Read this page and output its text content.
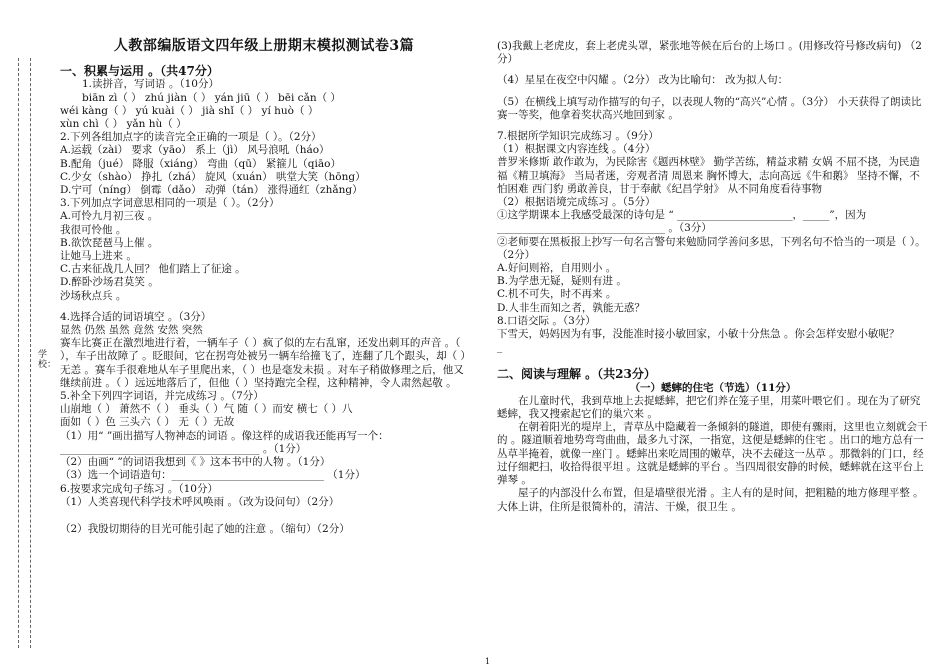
学校：
人教部编版语文四年级上册期末模拟测试卷3篇
一、积累与运用 。（共47分）
1.读拼音，写词语 。（10分）
biān zì（ ） zhú jiàn（ ） yán jiū（ ） bēi cǎn（ ）
wéi kàng（ ） yú kuài（ ） jià shǐ（ ） yí huò（ ）
xùn chì（ ） yǎn hù（ ）
2.下列各组加点字的读音完全正确的一项是（ ）。（2分）
A.运载（zài） 要求（yāo） 系上（jì） 风号浪吼（háo）
B.配角（jué） 降服（xiáng） 弯曲（qū） 紧箍儿（qiāo）
C.少女（shào） 挣扎（zhá） 旋风（xuán） 哄堂大笑（hōng）
D.宁可（níng） 倒霉（dǎo） 动弹（tán） 涨得通红（zhǎng）
3.下列加点字词意思相同的一项是（ ）。（2分）
A.可怜九月初三夜 。
我很可怜他 。
B.欲饮琵琶马上催 。
让她马上进来 。
C.古来征战几人回？ 他们踏上了征途 。
D.醉卧沙场君莫笑 。
沙场秋点兵 。
4.选择合适的词语填空 。（3分）
显然 仍然 虽然 竟然 安然 突然
赛车比赛正在激烈地进行着，一辆车子（ ）疯了似的左右乱窜，还发出刺耳的声音 。（ ），车子出故障了 。眨眼间，它在拐弯处被另一辆车给撞飞了，连翻了几个跟头，却（ ）无恙 。赛车手很难地从车子里爬出来，（ ）也是毫发未损 。对车子稍做修理之后，他又继续前进 。（ ）远远地落后了，但他（ ）坚持跑完全程，这种精神，令人肃然起敬 。
5.补全下列四字词语，并完成练习 。（7分）
山崩地（ ） 萧然不（ ） 垂头（ ）气 随（ ）而安 横七（ ）八
面如（ ）色 三头六（ ） 无（ ）无故
（1）用“ ”画出描写人物神态的词语 。像这样的成语我还能再写一个：______________________________________ 。（1分）
（2）由画“ ”的词语我想到《 》这本书中的人物 。（1分）
（3）选一个词语造句：_____________________________ （1分）
6.按要求完成句子练习 。（10分）
（1）人类喜现代科学技术呼风唤雨 。（改为设问句）（2分）
（2）我殷切期待的目光可能引起了她的注意 。（缩句）（2分）
(3)我戴上老虎皮，套上老虎头罩，紧张地等候在后台的上场口 。(用修改符号修改病句) （2分）
（4）星星在夜空中闪耀 。（2分） 改为比喻句： 改为拟人句：
（5）在横线上填写动作描写的句子，以表现人物的“高兴”心情 。（3分） 小天获得了朗读比赛一等奖，他拿着奖状高兴地回到家 。
7.根据所学知识完成练习 。（9分）
（1）根据课文内容连线 。（4分）
普罗米修斯 敢作敢为，为民除害《题西林壁》 勤学苦练，精益求精 女娲 不屈不挠，为民造福《精卫填海》 当局者迷，旁观者清 周恩来 胸怀博大，志向高远《牛和鹅》 坚持不懈，不怕困难 西门豹 勇敢善良，甘于奉献《纪昌学射》 从不同角度看待事物
（2）根据语境完成练习 。（5分）
①这学期课本上我感受最深的诗句是 “ ______________________，_____”，因为 ________________________________ 。（3分）
②老师要在黑板报上抄写一句名言警句来勉励同学善问多思，下列名句不恰当的一项是（ ）。（2分）
A.好问则裕，自用则小 。
B.为学患无疑，疑则有进 。
C.机不可失，时不再来 。
D.人非生而知之者，孰能无惑？
8.口语交际 。（3分）
下雪天，妈妈因为有事，没能准时接小敏回家，小敏十分焦急 。你会怎样安慰小敏呢？
_
二、阅读与理解 。（共23分）
（一）蟋蟀的住宅（节选）（11分）
在儿童时代，我到草地上去捉蟋蟀，把它们养在笼子里，用菜叶喂它们 。现在为了研究蟋蟀，我又搜索起它们的巢穴来 。
在朝着阳光的堤岸上，青草丛中隐藏着一条倾斜的隧道，即使有骤雨，这里也立刻就会干的 。隧道顺着地势弯弯曲曲，最多九寸深，一指宽，这便是蟋蟀的住宅 。出口的地方总有一丛草半掩着，就像一座门 。蟋蟀出来吃周围的嫩草，决不去碰这一丛草 。那微斜的门口，经过仔细耙扫，收拾得很平坦 。这就是蟋蟀的平台 。当四周很安静的时候，蟋蟀就在这平台上弹琴 。
屋子的内部没什么布置，但是墙壁很光滑 。主人有的是时间，把粗糙的地方修理平整 。大体上讲，住所是很简朴的，清洁、干燥，很卫生 。
1
